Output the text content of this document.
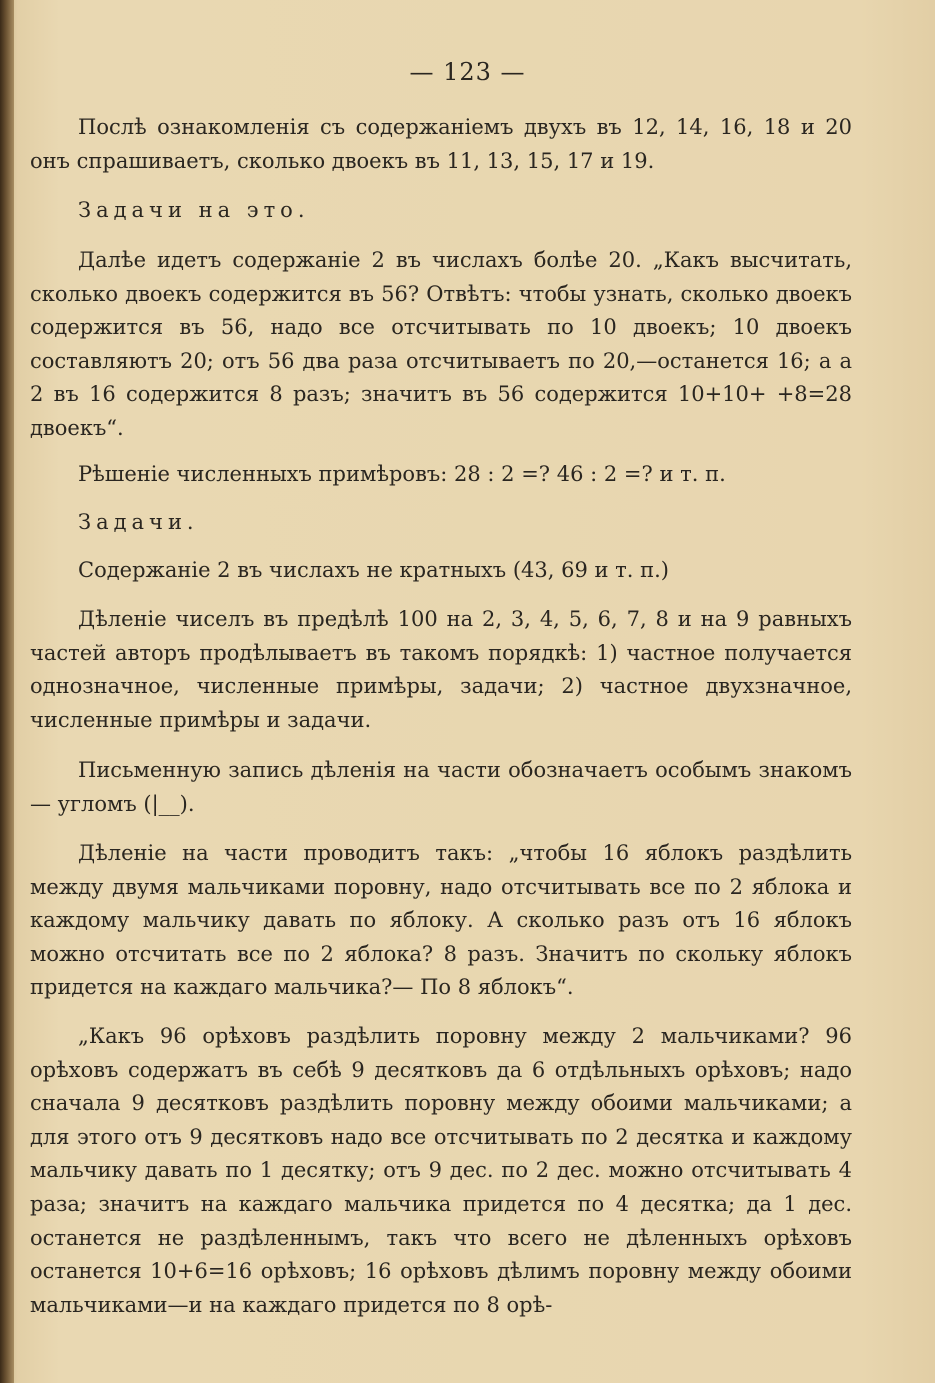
— 123 —

Послѣ ознакомленія съ содержаніемъ двухъ въ 12, 14, 16, 18 и 20 онъ спрашиваетъ, сколько двоекъ въ 11, 13, 15, 17 и 19.

Задачи на это.

Далѣе идетъ содержаніе 2 въ числахъ болѣе 20. „Какъ высчитать, сколько двоекъ содержится въ 56? Отвѣтъ: чтобы узнать, сколько двоекъ содержится въ 56, надо все отсчитывать по 10 двоекъ; 10 двоекъ составляютъ 20; отъ 56 два раза отсчитываетъ по 20,—останется 16; а а 2 въ 16 содержится 8 разъ; значитъ въ 56 содержится 10+10+ +8=28 двоекъ“.

Рѣшеніе численныхъ примѣровъ: 28 : 2 =? 46 : 2 =? и т. п.

Задачи.

Содержаніе 2 въ числахъ не кратныхъ (43, 69 и т. п.)

Дѣленіе чиселъ въ предѣлѣ 100 на 2, 3, 4, 5, 6, 7, 8 и на 9 равныхъ частей авторъ продѣлываетъ въ такомъ порядкѣ: 1) частное получается однозначное, численные примѣры, задачи; 2) частное двухзначное, численные примѣры и задачи.

Письменную запись дѣленія на части обозначаетъ особымъ знакомъ — угломъ (|__).

Дѣленіе на части проводитъ такъ: „чтобы 16 яблокъ раздѣлить между двумя мальчиками поровну, надо отсчитывать все по 2 яблока и каждому мальчику давать по яблоку. А сколько разъ отъ 16 яблокъ можно отсчитать все по 2 яблока? 8 разъ. Значитъ по скольку яблокъ придется на каждаго мальчика?— По 8 яблокъ“.

„Какъ 96 орѣховъ раздѣлить поровну между 2 мальчиками? 96 орѣховъ содержатъ въ себѣ 9 десятковъ да 6 отдѣльныхъ орѣховъ; надо сначала 9 десятковъ раздѣлить поровну между обоими мальчиками; а для этого отъ 9 десятковъ надо все отсчитывать по 2 десятка и каждому мальчику давать по 1 десятку; отъ 9 дес. по 2 дес. можно отсчитывать 4 раза; значитъ на каждаго мальчика придется по 4 десятка; да 1 дес. останется не раздѣленнымъ, такъ что всего не дѣленныхъ орѣховъ останется 10+6=16 орѣховъ; 16 орѣховъ дѣлимъ поровну между обоими мальчиками—и на каждаго придется по 8 орѣ-
